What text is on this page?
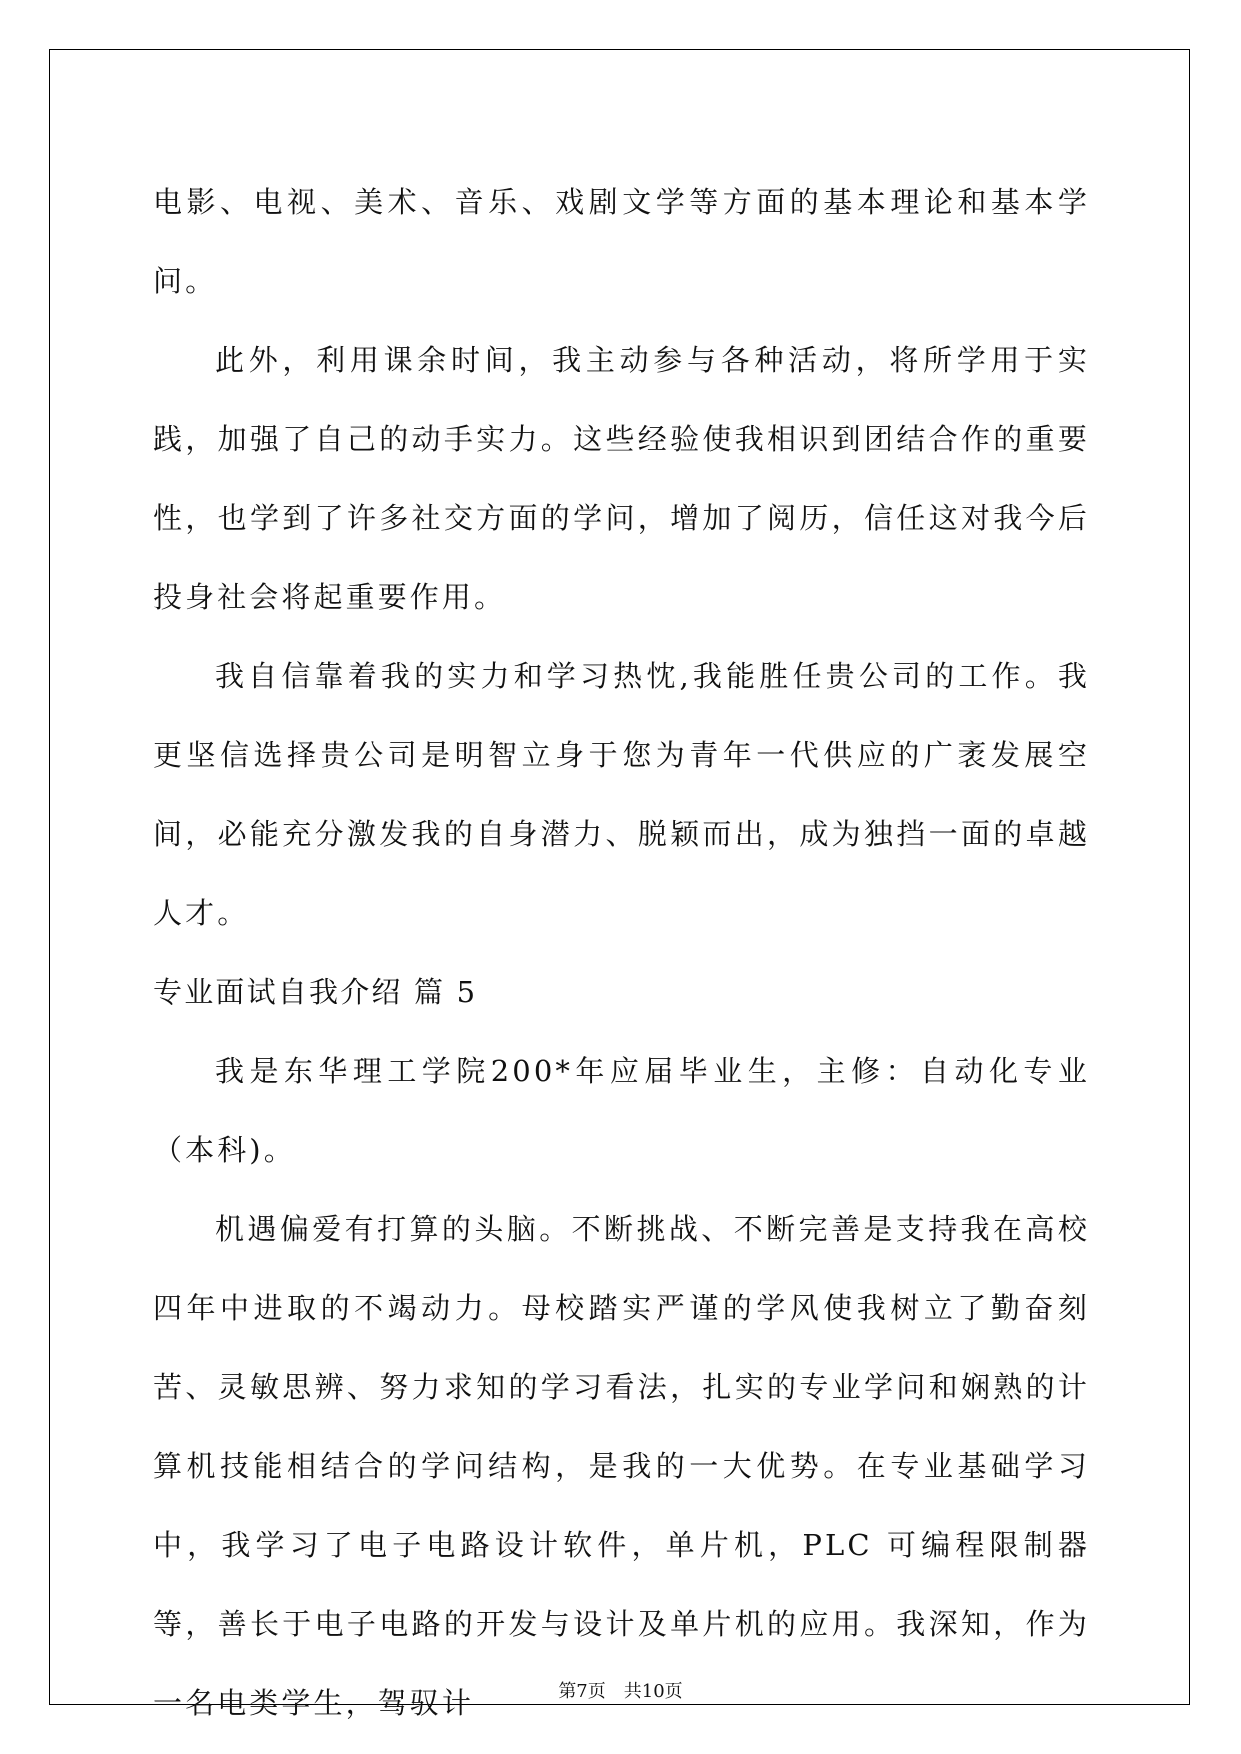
电影、电视、美术、音乐、戏剧文学等方面的基本理论和基本学问。

此外，利用课余时间，我主动参与各种活动，将所学用于实践，加强了自己的动手实力。这些经验使我相识到团结合作的重要性，也学到了许多社交方面的学问，增加了阅历，信任这对我今后投身社会将起重要作用。

我自信靠着我的实力和学习热忱,我能胜任贵公司的工作。我更坚信选择贵公司是明智立身于您为青年一代供应的广袤发展空间，必能充分激发我的自身潜力、脱颖而出，成为独挡一面的卓越人才。

专业面试自我介绍 篇 5

我是东华理工学院200*年应届毕业生，主修：自动化专业（本科)。

机遇偏爱有打算的头脑。不断挑战、不断完善是支持我在高校四年中进取的不竭动力。母校踏实严谨的学风使我树立了勤奋刻苦、灵敏思辨、努力求知的学习看法，扎实的专业学问和娴熟的计算机技能相结合的学问结构，是我的一大优势。在专业基础学习中，我学习了电子电路设计软件，单片机，PLC 可编程限制器等，善长于电子电路的开发与设计及单片机的应用。我深知，作为一名电类学生，驾驭计	第7页 共10页
